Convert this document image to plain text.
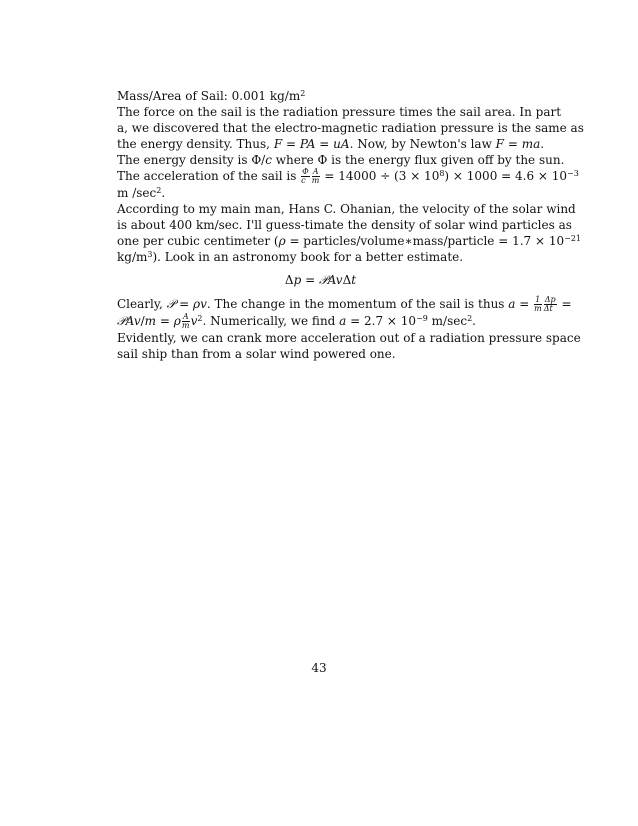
Mass/Area of Sail: 0.001 $kg/m^2$
The force on the sail is the radiation pressure times the sail area. In part
a, we discovered that the electro-magnetic radiation pressure is the same as
the energy density. Thus, F = PA = uA. Now, by Newton's law F = ma.
The energy density is Φ/c where Φ is the energy flux given off by the sun.
The acceleration of the sail is $\frac{\Phi}{c} \frac{A}{m} = 14000 \div (3 \times 10^8) \times 1000 = 4.6 \times 10^{-3}$
m $/\sec^2$.
According to my main man, Hans C. Ohanian, the velocity of the solar wind
is about 400 km/sec. I'll guess-timate the density of solar wind particles as
one per cubic centimeter (ρ = particles/volume∗mass/particle = $1.7 \times 10^{-21}$
$kg/m^3$). Look in an astronomy book for a better estimate.
Δp = 𝒫AvΔt
Clearly, 𝒫 = ρv. The change in the momentum of the sail is thus $a = \frac{1}{m} \frac{\Delta p}{\Delta t}$ =
𝒫Av/m = ρ $\frac{A}{m} v^2$. Numerically, we find $a = 2.7 \times 10^{-9}$ $m/\sec^2$.
Evidently, we can crank more acceleration out of a radiation pressure space
sail ship than from a solar wind powered one.
43
